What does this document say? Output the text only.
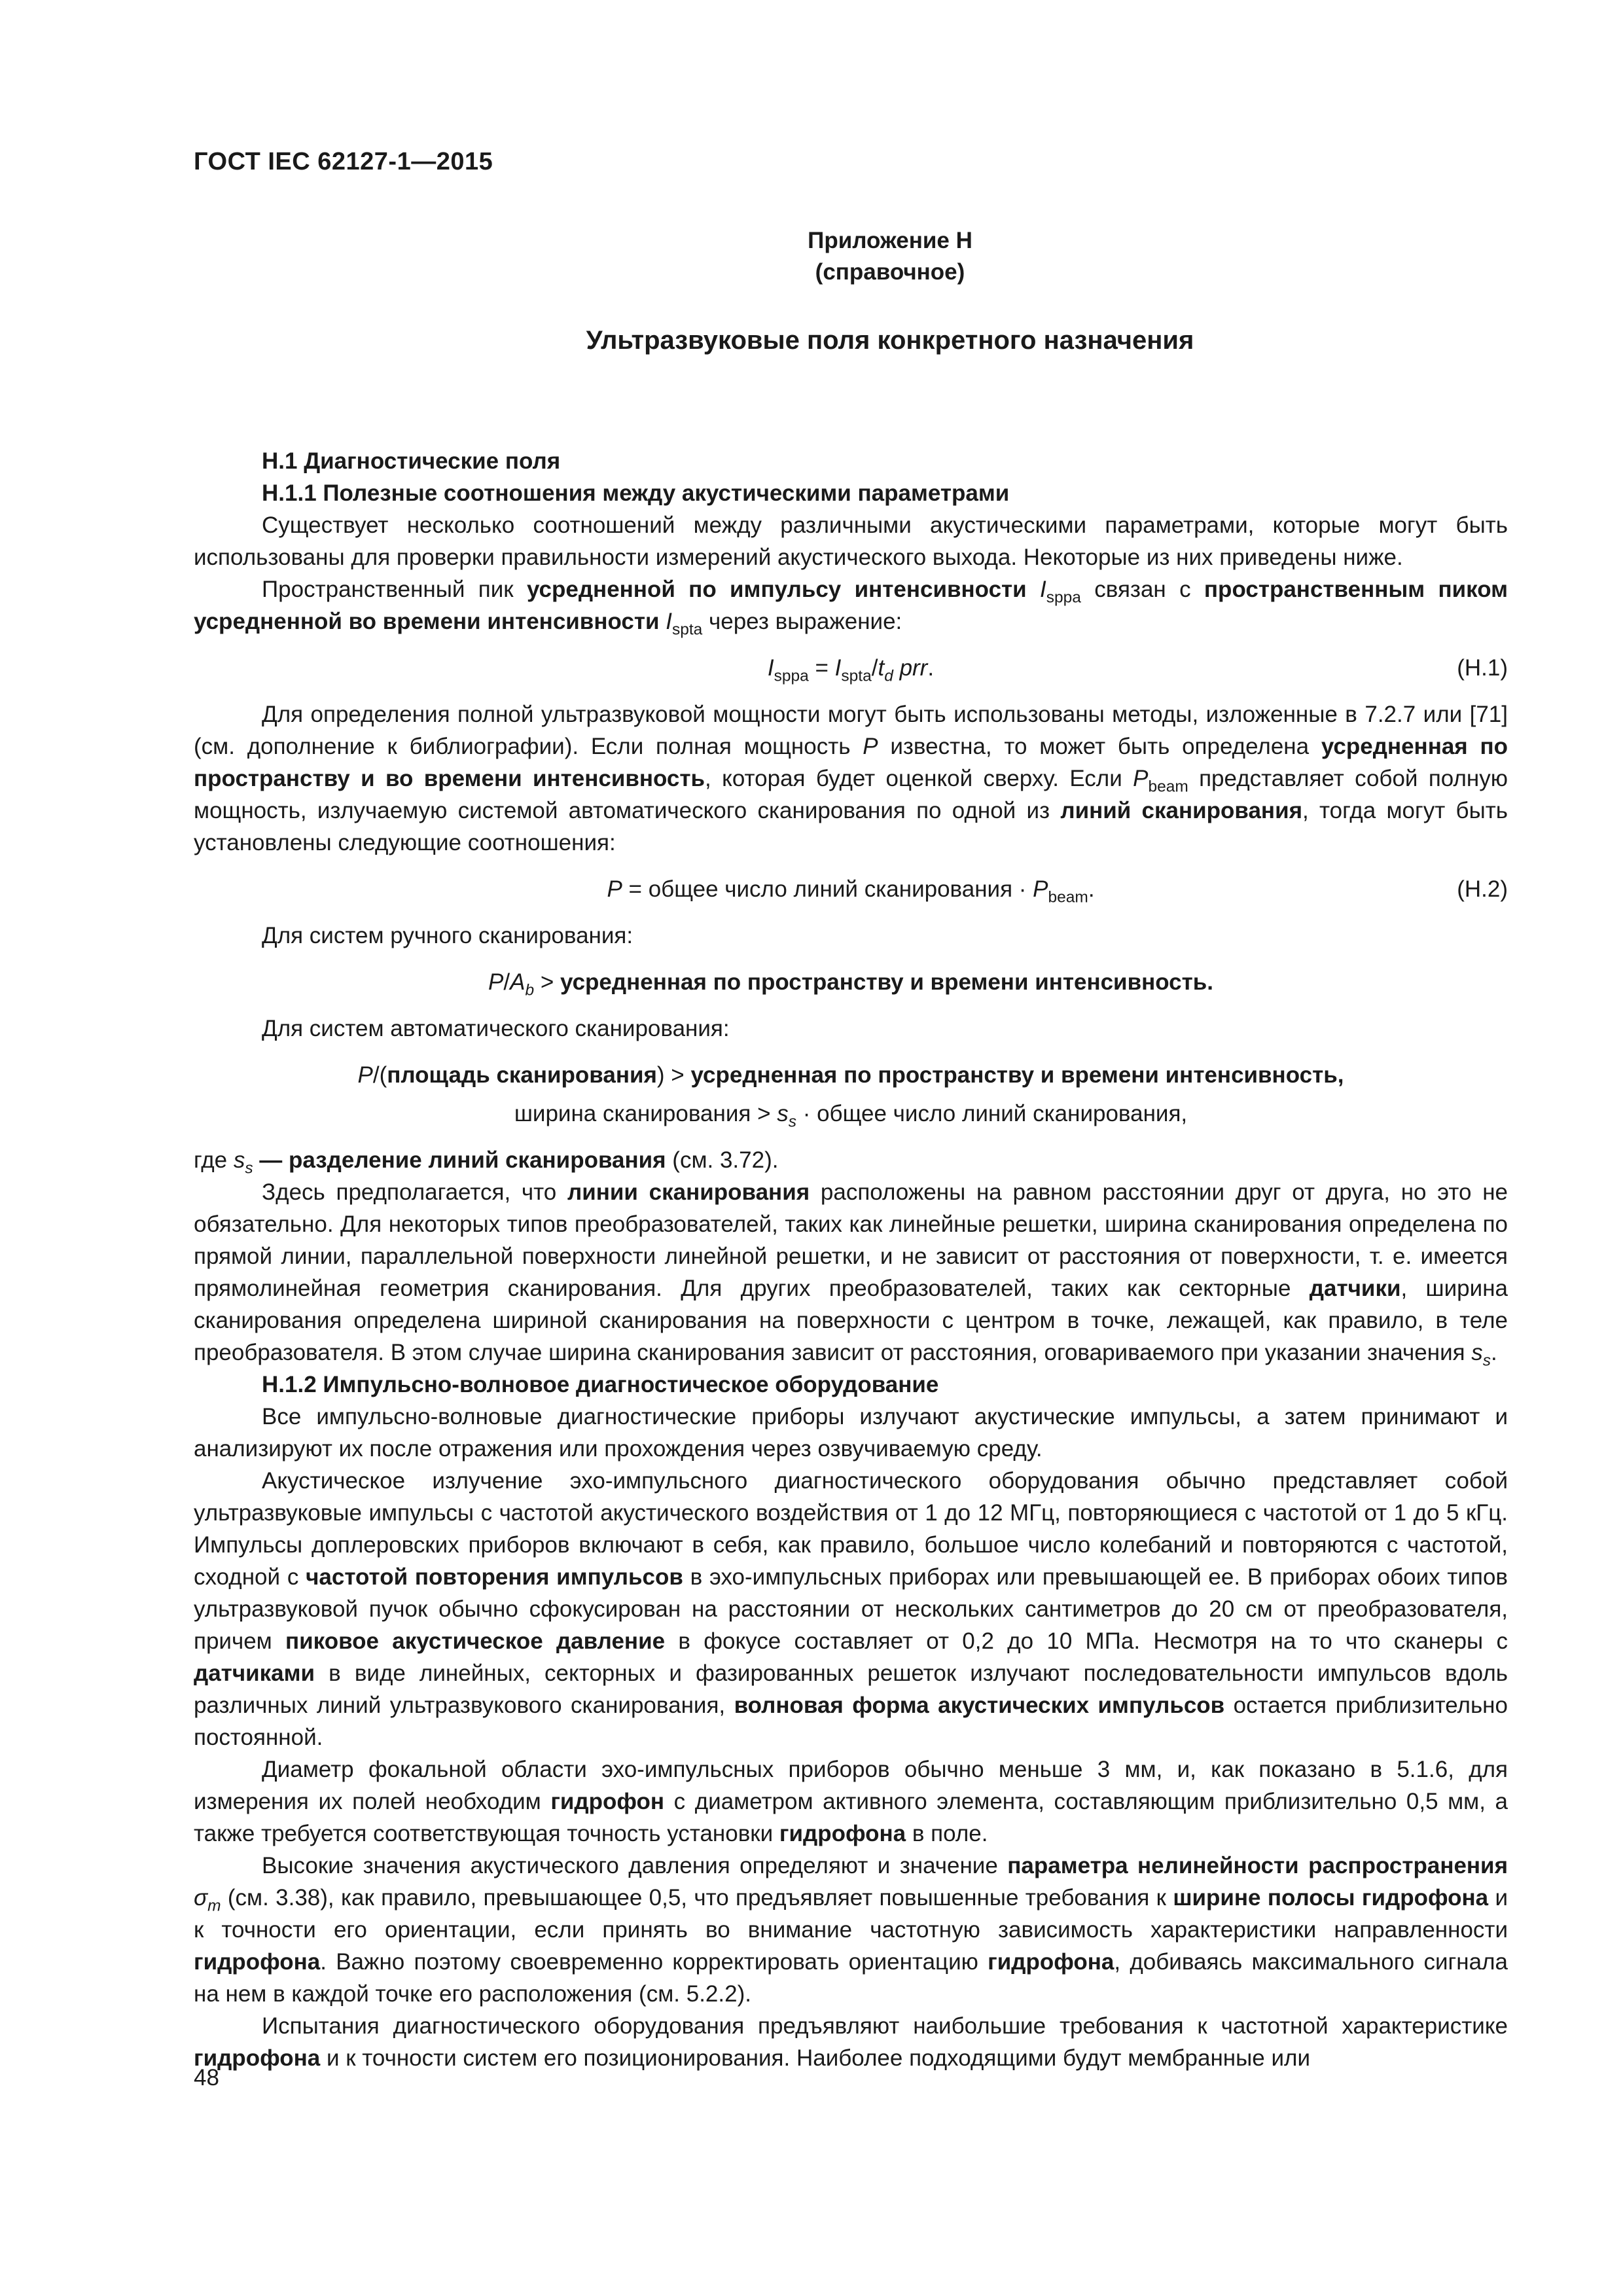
ГОСТ IEC 62127-1—2015
Приложение Н
(справочное)
Ультразвуковые поля конкретного назначения
Н.1 Диагностические поля
Н.1.1 Полезные соотношения между акустическими параметрами

Существует несколько соотношений между различными акустическими параметрами, которые могут быть использованы для проверки правильности измерений акустического выхода. Некоторые из них приведены ниже.

Пространственный пик усредненной по импульсу интенсивности $I_{sppa}$ связан с пространственным пиком усредненной во времени интенсивности $I_{spta}$ через выражение:

$I_{sppa} = I_{spta}/t_d$ prr.	(Н.1)

Для определения полной ультразвуковой мощности могут быть использованы методы, изложенные в 7.2.7 или [71] (см. дополнение к библиографии). Если полная мощность P известна, то может быть определена усредненная по пространству и во времени интенсивность, которая будет оценкой сверху. Если $P_{beam}$ представляет собой полную мощность, излучаемую системой автоматического сканирования по одной из линий сканирования, тогда могут быть установлены следующие соотношения:

P = общее число линий сканирования · $P_{beam}$.	(Н.2)
Для систем ручного сканирования:
$P/A_b$ > усредненная по пространству и времени интенсивность.
Для систем автоматического сканирования:
P/(площадь сканирования) > усредненная по пространству и времени интенсивность,
ширина сканирования > $s_s$ · общее число линий сканирования,

где $s_s$ — разделение линий сканирования (см. 3.72).

Здесь предполагается, что линии сканирования расположены на равном расстоянии друг от друга, но это не обязательно. Для некоторых типов преобразователей, таких как линейные решетки, ширина сканирования определена по прямой линии, параллельной поверхности линейной решетки, и не зависит от расстояния от поверхности, т. е. имеется прямолинейная геометрия сканирования. Для других преобразователей, таких как секторные датчики, ширина сканирования определена шириной сканирования на поверхности с центром в точке, лежащей, как правило, в теле преобразователя. В этом случае ширина сканирования зависит от расстояния, оговариваемого при указании значения $s_s$.

Н.1.2 Импульсно-волновое диагностическое оборудование

Все импульсно-волновые диагностические приборы излучают акустические импульсы, а затем принимают и анализируют их после отражения или прохождения через озвучиваемую среду.

Акустическое излучение эхо-импульсного диагностического оборудования обычно представляет собой ультразвуковые импульсы с частотой акустического воздействия от 1 до 12 МГц, повторяющиеся с частотой от 1 до 5 кГц. Импульсы доплеровских приборов включают в себя, как правило, большое число колебаний и повторяются с частотой, сходной с частотой повторения импульсов в эхо-импульсных приборах или превышающей ее. В приборах обоих типов ультразвуковой пучок обычно сфокусирован на расстоянии от нескольких сантиметров до 20 см от преобразователя, причем пиковое акустическое давление в фокусе составляет от 0,2 до 10 МПа. Несмотря на то что сканеры с датчиками в виде линейных, секторных и фазированных решеток излучают последовательности импульсов вдоль различных линий ультразвукового сканирования, волновая форма акустических импульсов остается приблизительно постоянной.

Диаметр фокальной области эхо-импульсных приборов обычно меньше 3 мм, и, как показано в 5.1.6, для измерения их полей необходим гидрофон с диаметром активного элемента, составляющим приблизительно 0,5 мм, а также требуется соответствующая точность установки гидрофона в поле.

Высокие значения акустического давления определяют и значение параметра нелинейности распространения $\sigma_m$ (см. 3.38), как правило, превышающее 0,5, что предъявляет повышенные требования к ширине полосы гидрофона и к точности его ориентации, если принять во внимание частотную зависимость характеристики направленности гидрофона. Важно поэтому своевременно корректировать ориентацию гидрофона, добиваясь максимального сигнала на нем в каждой точке его расположения (см. 5.2.2).

Испытания диагностического оборудования предъявляют наибольшие требования к частотной характеристике гидрофона и к точности систем его позиционирования. Наиболее подходящими будут мембранные или

48
